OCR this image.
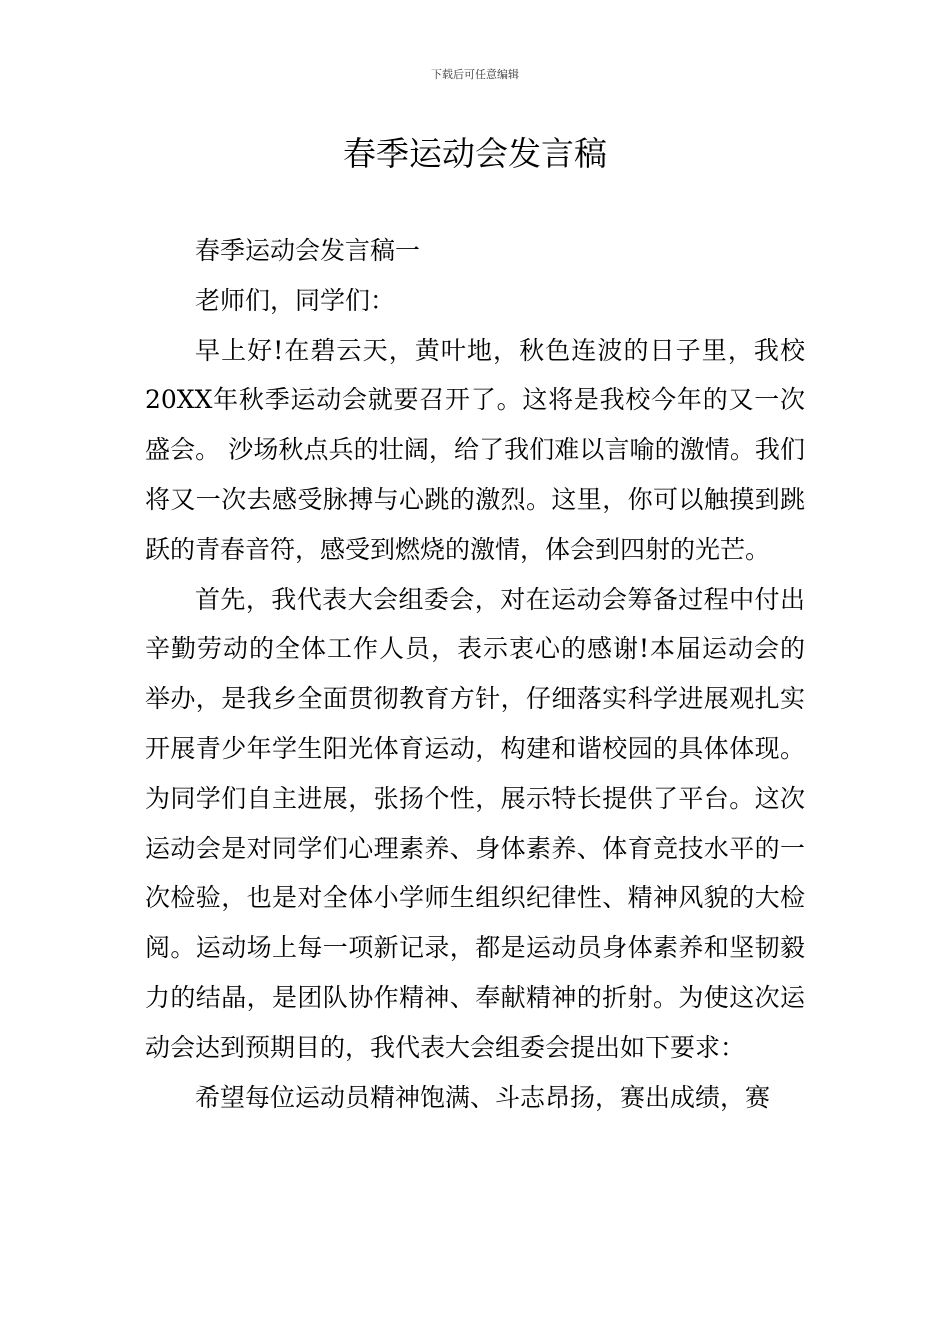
下载后可任意编辑
春季运动会发言稿

春季运动会发言稿一

老师们，同学们：

早上好!在碧云天，黄叶地，秋色连波的日子里，我校20XX年秋季运动会就要召开了。这将是我校今年的又一次盛会。 沙场秋点兵的壮阔，给了我们难以言喻的激情。我们将又一次去感受脉搏与心跳的激烈。这里，你可以触摸到跳跃的青春音符，感受到燃烧的激情，体会到四射的光芒。

首先，我代表大会组委会，对在运动会筹备过程中付出辛勤劳动的全体工作人员，表示衷心的感谢!本届运动会的举办，是我乡全面贯彻教育方针，仔细落实科学进展观扎实开展青少年学生阳光体育运动，构建和谐校园的具体体现。为同学们自主进展，张扬个性，展示特长提供了平台。这次运动会是对同学们心理素养、身体素养、体育竞技水平的一次检验，也是对全体小学师生组织纪律性、精神风貌的大检阅。运动场上每一项新记录，都是运动员身体素养和坚韧毅力的结晶，是团队协作精神、奉献精神的折射。为使这次运动会达到预期目的，我代表大会组委会提出如下要求：

希望每位运动员精神饱满、斗志昂扬，赛出成绩，赛
